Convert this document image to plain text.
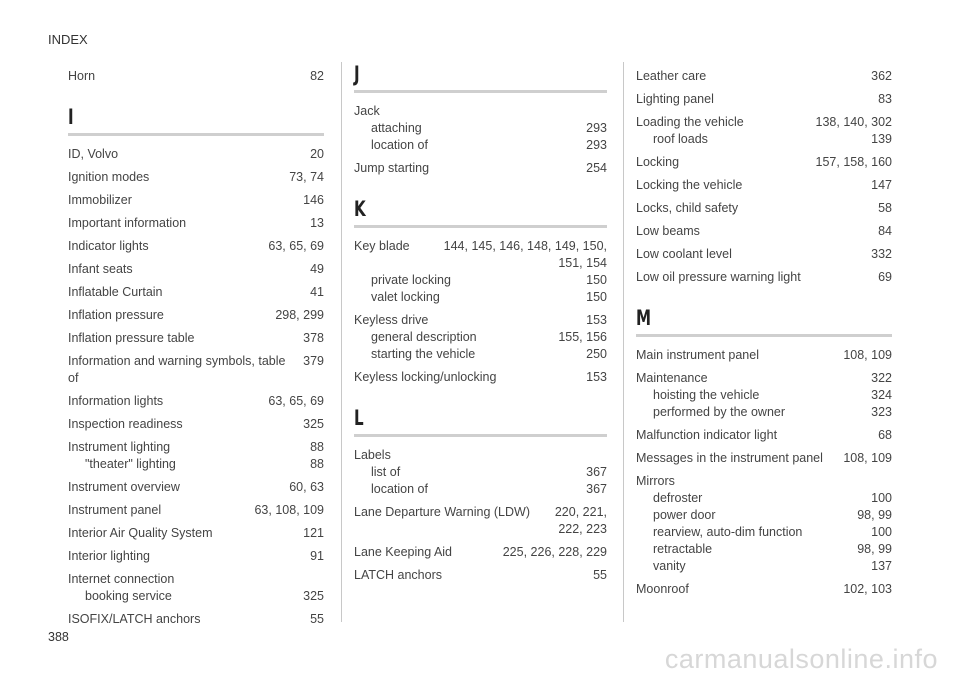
INDEX
Horn	82
I
ID, Volvo	20
Ignition modes	73, 74
Immobilizer	146
Important information	13
Indicator lights	63, 65, 69
Infant seats	49
Inflatable Curtain	41
Inflation pressure	298, 299
Inflation pressure table	378
Information and warning symbols, table of
379
Information lights	63, 65, 69
Inspection readiness	325
Instrument lighting	88
"theater" lighting	88
Instrument overview	60, 63
Instrument panel	63, 108, 109
Interior Air Quality System	121
Interior lighting	91
Internet connection
booking service	325
ISOFIX/LATCH anchors	55
J
Jack
attaching	293
location of	293
Jump starting	254
K
Key blade	144, 145, 146, 148, 149, 150,
151, 154
private locking	150
valet locking	150
Keyless drive	153
general description	155, 156
starting the vehicle	250
Keyless locking/unlocking	153
L
Labels
list of	367
location of	367
Lane Departure Warning (LDW)	220, 221,
222, 223
Lane Keeping Aid	225, 226, 228, 229
LATCH anchors	55
Leather care	362
Lighting panel	83
Loading the vehicle	138, 140, 302
roof loads	139
Locking	157, 158, 160
Locking the vehicle	147
Locks, child safety	58
Low beams	84
Low coolant level	332
Low oil pressure warning light	69
M
Main instrument panel	108, 109
Maintenance	322
hoisting the vehicle	324
performed by the owner	323
Malfunction indicator light	68
Messages in the instrument panel	108, 109
Mirrors
defroster	100
power door	98, 99
rearview, auto-dim function	100
retractable	98, 99
vanity	137
Moonroof	102, 103
388
carmanualsonline.info
